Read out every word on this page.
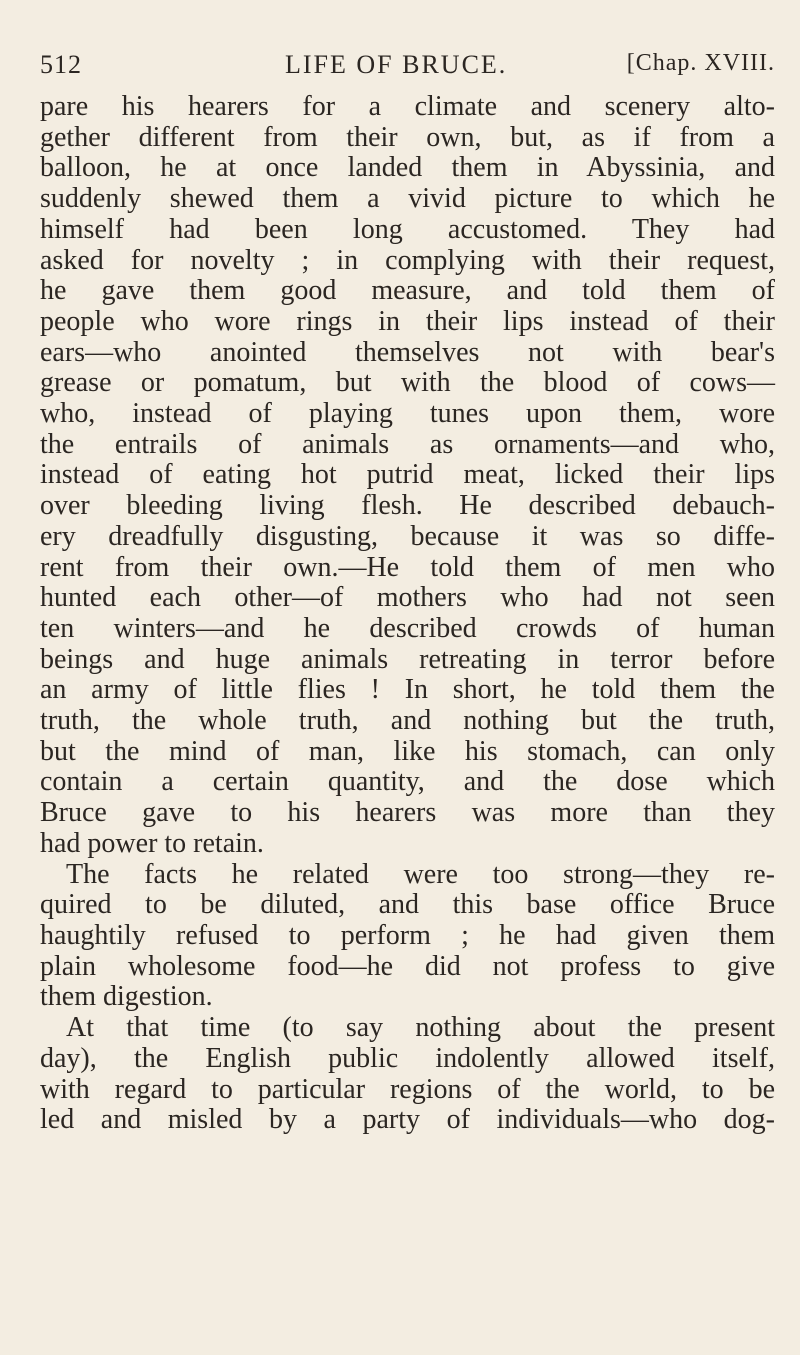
512	LIFE OF BRUCE.	[Chap. XVIII.
pare his hearers for a climate and scenery alto-
gether different from their own, but, as if from a
balloon, he at once landed them in Abyssinia, and
suddenly shewed them a vivid picture to which he
himself had been long accustomed. They had
asked for novelty ; in complying with their request,
he gave them good measure, and told them of
people who wore rings in their lips instead of their
ears—who anointed themselves not with bear's
grease or pomatum, but with the blood of cows—
who, instead of playing tunes upon them, wore
the entrails of animals as ornaments—and who,
instead of eating hot putrid meat, licked their lips
over bleeding living flesh. He described debauch-
ery dreadfully disgusting, because it was so diffe-
rent from their own.—He told them of men who
hunted each other—of mothers who had not seen
ten winters—and he described crowds of human
beings and huge animals retreating in terror before
an army of little flies ! In short, he told them the
truth, the whole truth, and nothing but the truth,
but the mind of man, like his stomach, can only
contain a certain quantity, and the dose which
Bruce gave to his hearers was more than they
had power to retain.
The facts he related were too strong—they re-
quired to be diluted, and this base office Bruce
haughtily refused to perform ; he had given them
plain wholesome food—he did not profess to give
them digestion.
At that time (to say nothing about the present
day), the English public indolently allowed itself,
with regard to particular regions of the world, to be
led and misled by a party of individuals—who dog-
